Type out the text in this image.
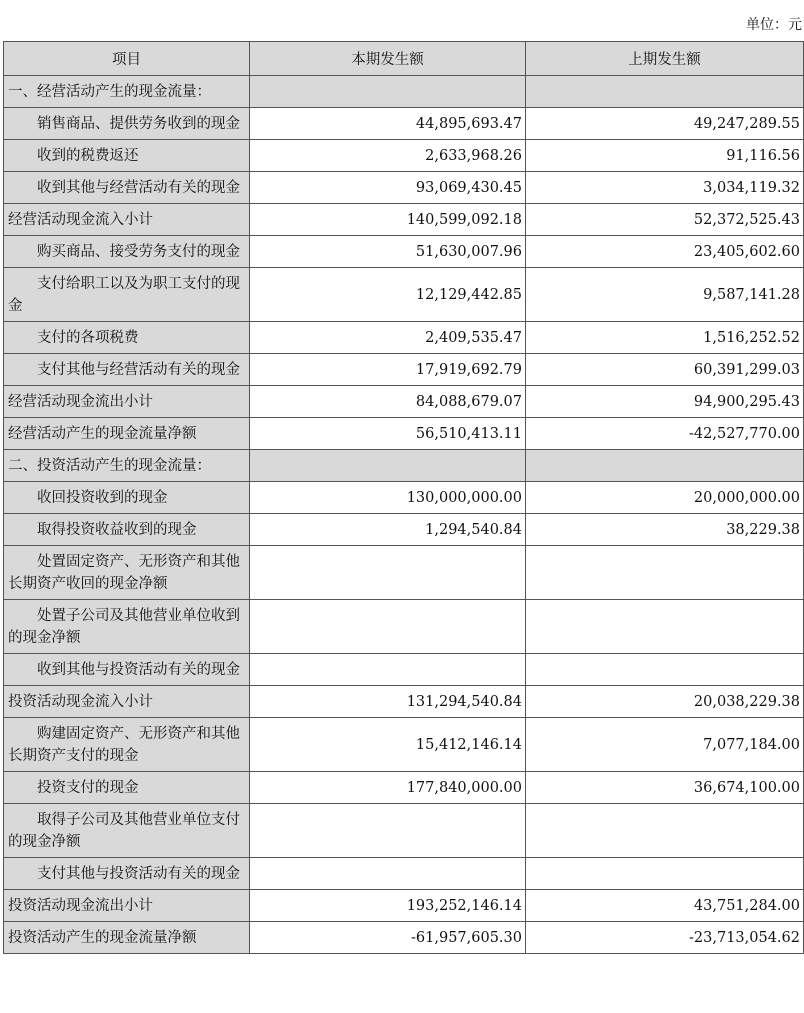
单位：元
项目	本期发生额	上期发生额
一、经营活动产生的现金流量：		
销售商品、提供劳务收到的现金	44,895,693.47	49,247,289.55
收到的税费返还	2,633,968.26	91,116.56
收到其他与经营活动有关的现金	93,069,430.45	3,034,119.32
经营活动现金流入小计	140,599,092.18	52,372,525.43
购买商品、接受劳务支付的现金	51,630,007.96	23,405,602.60
支付给职工以及为职工支付的现金	12,129,442.85	9,587,141.28
支付的各项税费	2,409,535.47	1,516,252.52
支付其他与经营活动有关的现金	17,919,692.79	60,391,299.03
经营活动现金流出小计	84,088,679.07	94,900,295.43
经营活动产生的现金流量净额	56,510,413.11	-42,527,770.00
二、投资活动产生的现金流量：		
收回投资收到的现金	130,000,000.00	20,000,000.00
取得投资收益收到的现金	1,294,540.84	38,229.38
处置固定资产、无形资产和其他长期资产收回的现金净额		
处置子公司及其他营业单位收到的现金净额		
收到其他与投资活动有关的现金		
投资活动现金流入小计	131,294,540.84	20,038,229.38
购建固定资产、无形资产和其他长期资产支付的现金	15,412,146.14	7,077,184.00
投资支付的现金	177,840,000.00	36,674,100.00
取得子公司及其他营业单位支付的现金净额		
支付其他与投资活动有关的现金		
投资活动现金流出小计	193,252,146.14	43,751,284.00
投资活动产生的现金流量净额	-61,957,605.30	-23,713,054.62
